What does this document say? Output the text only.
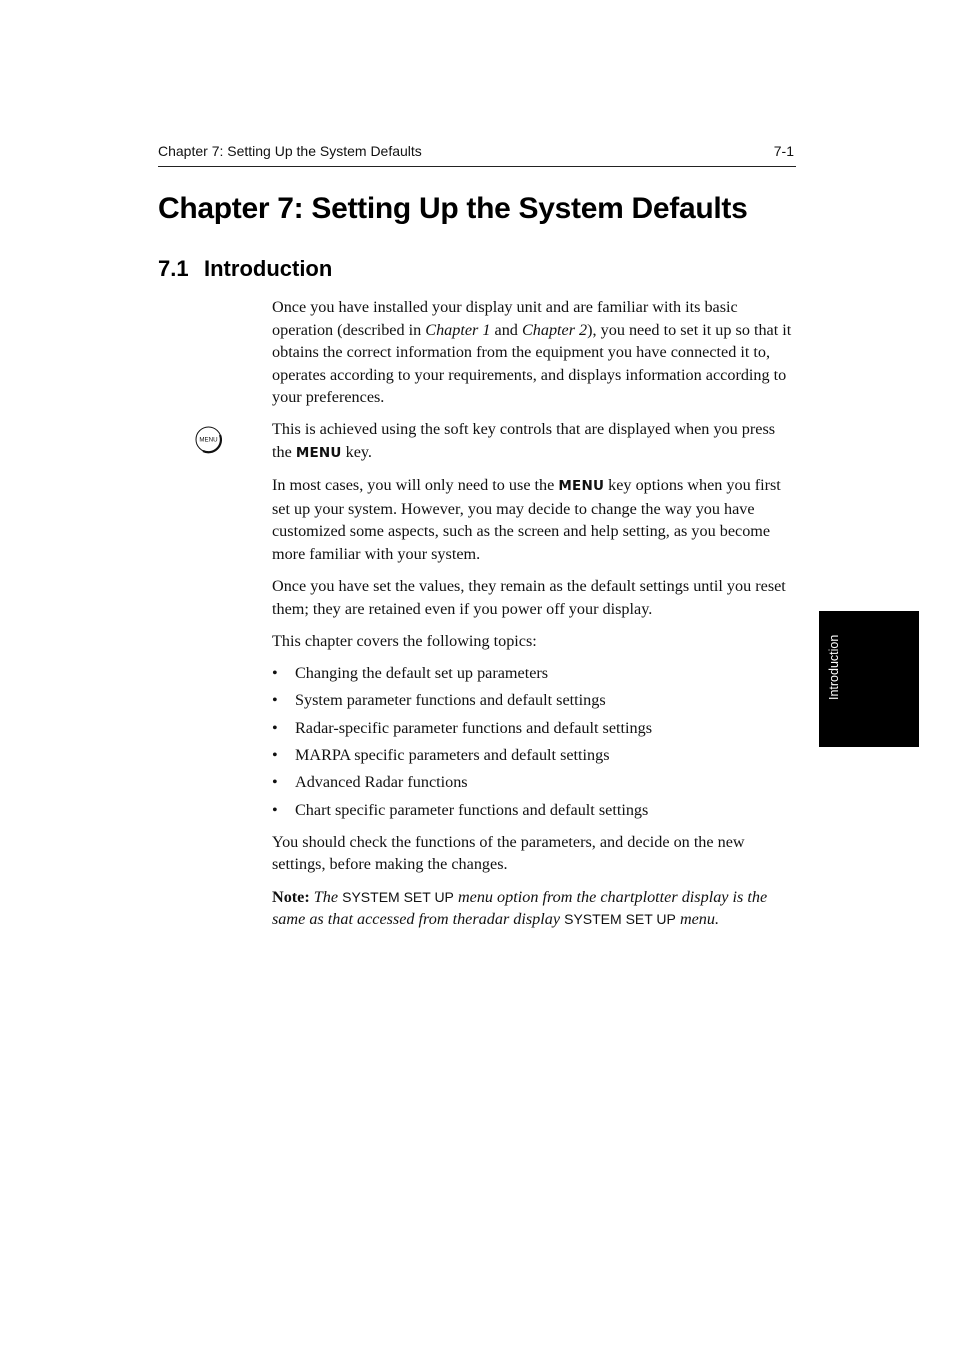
Chapter 7: Setting Up the System Defaults	7-1
Chapter 7: Setting Up the System Defaults
7.1 Introduction
MENU

Once you have installed your display unit and are familiar with its basic operation (described in Chapter 1 and Chapter 2), you need to set it up so that it obtains the correct information from the equipment you have connected it to, operates according to your requirements, and displays information according to your preferences.

This is achieved using the soft key controls that are displayed when you press the MENU key.

In most cases, you will only need to use the MENU key options when you first set up your system. However, you may decide to change the way you have customized some aspects, such as the screen and help setting, as you become more familiar with your system.

Once you have set the values, they remain as the default settings until you reset them; they are retained even if you power off your display.

This chapter covers the following topics:

• Changing the default set up parameters
• System parameter functions and default settings
• Radar-specific parameter functions and default settings
• MARPA specific parameters and default settings
• Advanced Radar functions
• Chart specific parameter functions and default settings

You should check the functions of the parameters, and decide on the new settings, before making the changes.

Note: The SYSTEM SET UP menu option from the chartplotter display is the same as that accessed from theradar display SYSTEM SET UP menu.

Introduction
